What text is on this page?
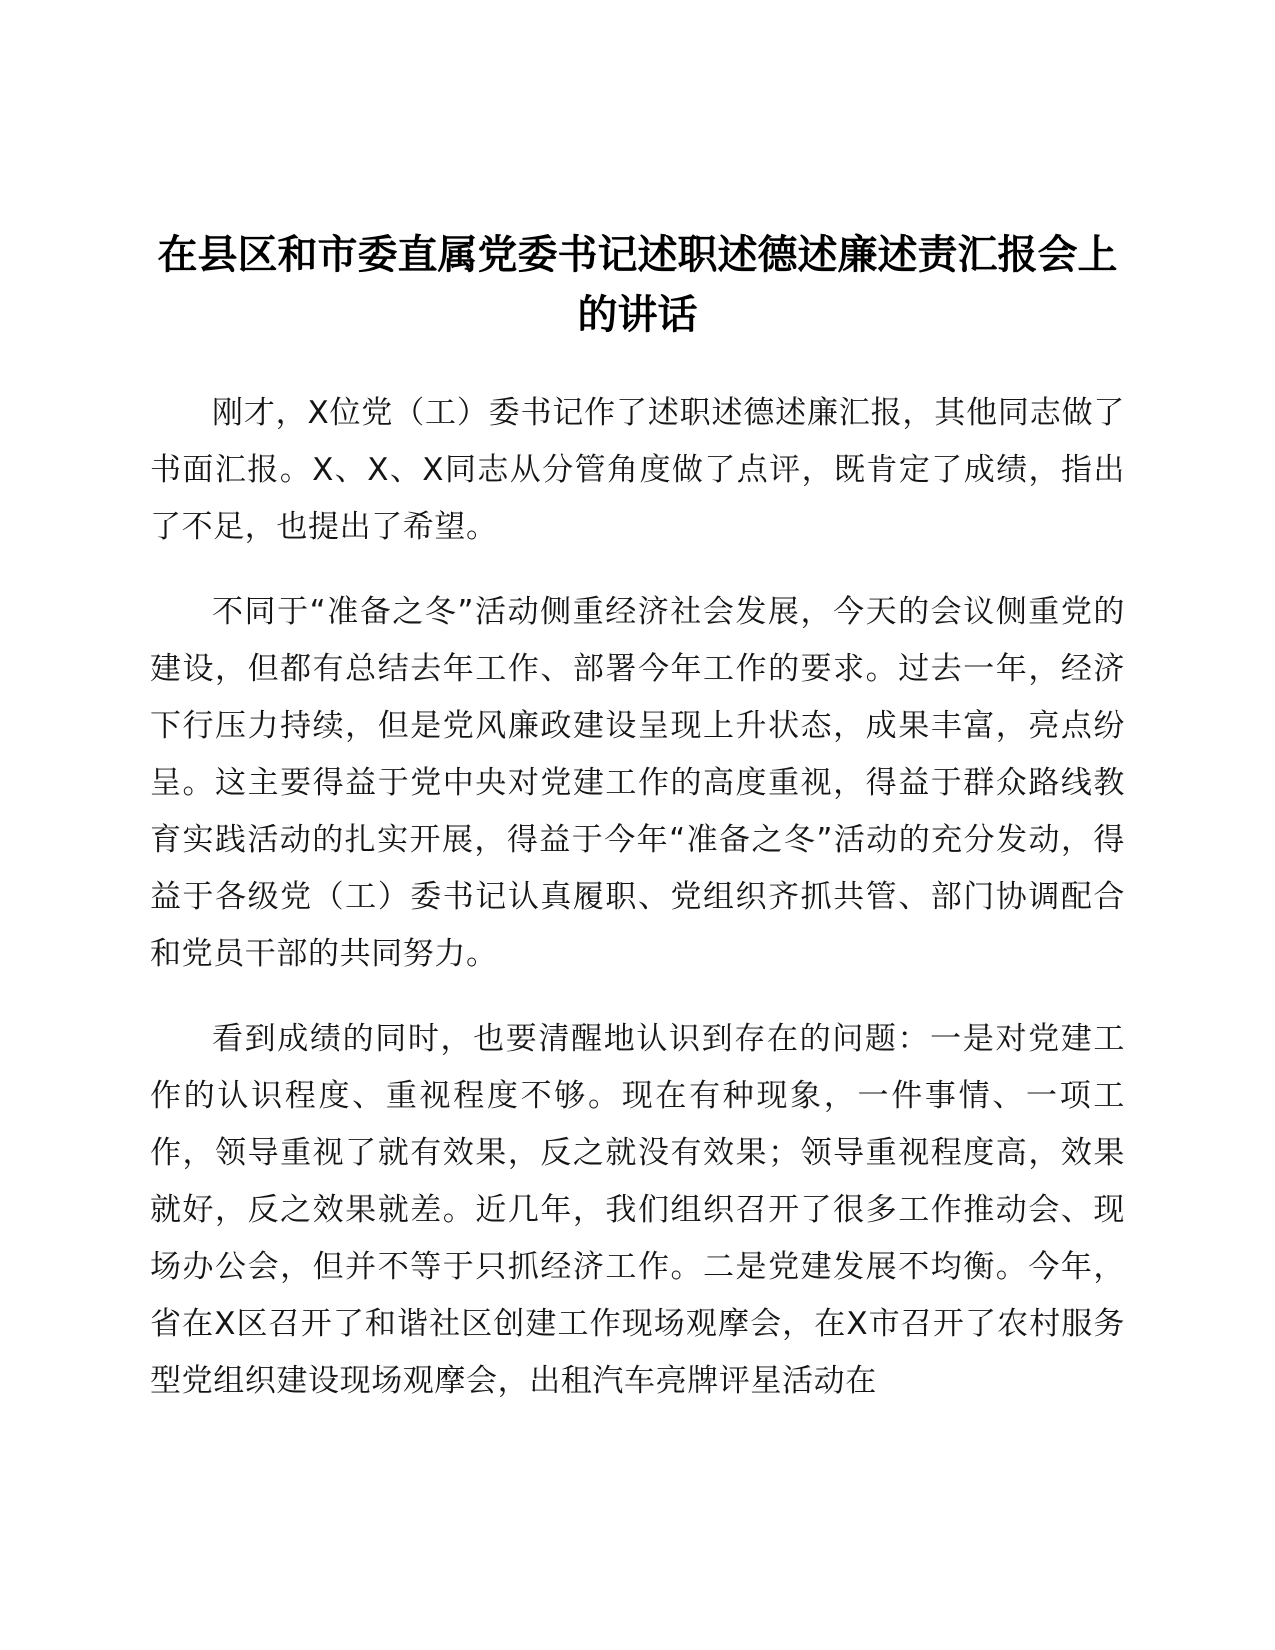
在县区和市委直属党委书记述职述德述廉述责汇报会上的讲话

刚才，X位党（工）委书记作了述职述德述廉汇报，其他同志做了书面汇报。X、X、X同志从分管角度做了点评，既肯定了成绩，指出了不足，也提出了希望。

不同于“准备之冬”活动侧重经济社会发展，今天的会议侧重党的建设，但都有总结去年工作、部署今年工作的要求。过去一年，经济下行压力持续，但是党风廉政建设呈现上升状态，成果丰富，亮点纷呈。这主要得益于党中央对党建工作的高度重视，得益于群众路线教育实践活动的扎实开展，得益于今年“准备之冬”活动的充分发动，得益于各级党（工）委书记认真履职、党组织齐抓共管、部门协调配合和党员干部的共同努力。

看到成绩的同时，也要清醒地认识到存在的问题：一是对党建工作的认识程度、重视程度不够。现在有种现象，一件事情、一项工作，领导重视了就有效果，反之就没有效果；领导重视程度高，效果就好，反之效果就差。近几年，我们组织召开了很多工作推动会、现场办公会，但并不等于只抓经济工作。二是党建发展不均衡。今年，省在X区召开了和谐社区创建工作现场观摩会，在X市召开了农村服务型党组织建设现场观摩会，出租汽车亮牌评星活动在
